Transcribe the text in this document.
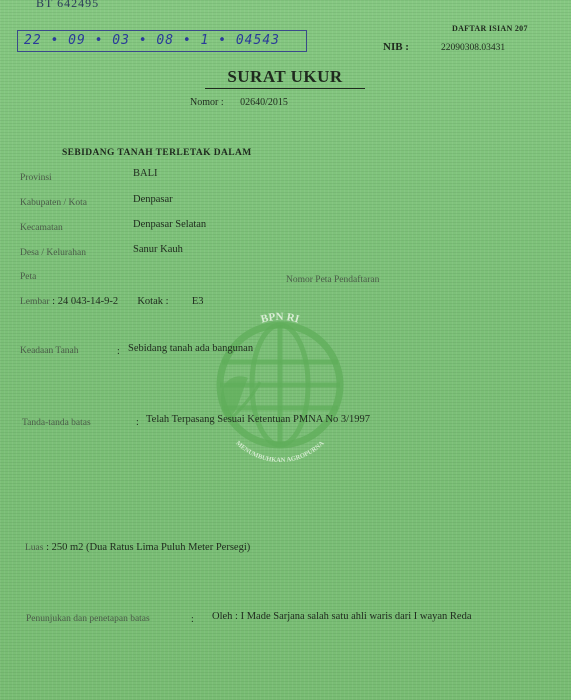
BT 642495
DAFTAR ISIAN 207
22 • 09 • 03 • 08 • 1 • 04543	NIB :	22090308.03431
SURAT UKUR
Nomor : 02640/2015
SEBIDANG TANAH TERLETAK DALAM
Provinsi	BALI
Kabupaten / Kota	Denpasar
Kecamatan	Denpasar Selatan
Desa / Kelurahan	Sanur Kauh
Peta	Nomor Peta Pendaftaran
Lembar : 24 043-14-9-2 Kotak :  E3
BPN RI
MENUMBUHKAN AGROPURNA
Keadaan Tanah	: Sebidang tanah ada bangunan
Tanda-tanda batas	: Telah Terpasang Sesuai Ketentuan PMNA No 3/1997
Luas : 250 m2 (Dua Ratus Lima Puluh Meter Persegi)
Penunjukan dan penetapan batas	: Oleh : I Made Sarjana salah satu ahli waris dari I wayan Reda
